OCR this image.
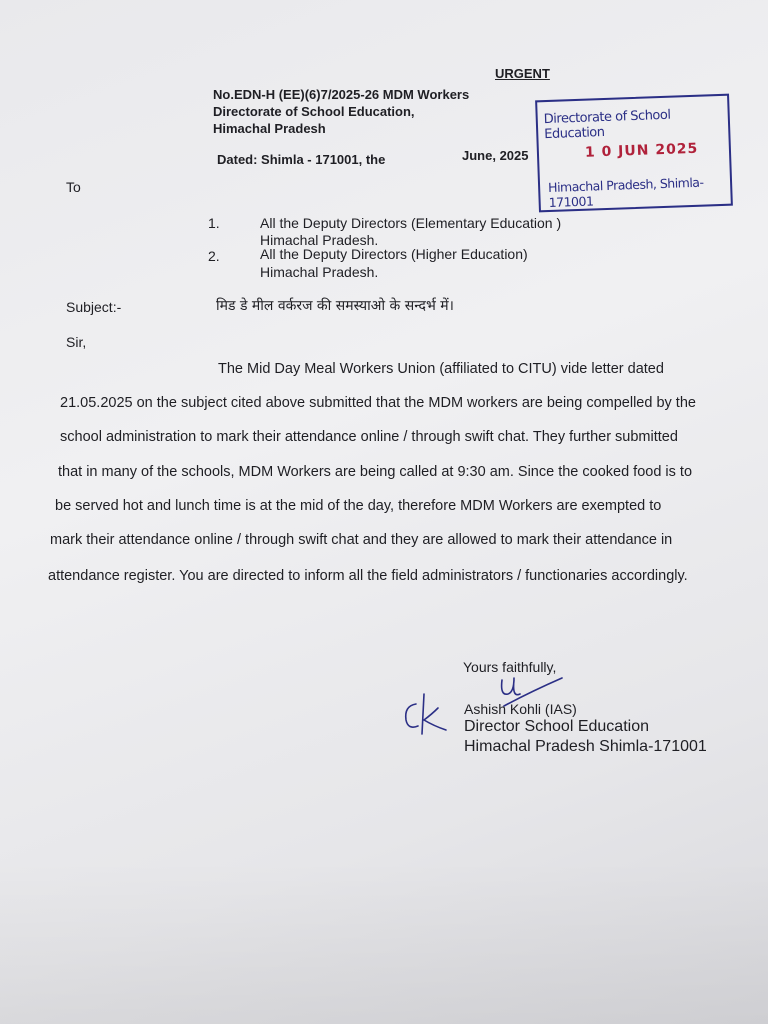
URGENT
No.EDN-H (EE)(6)7/2025-26 MDM Workers
Directorate of School Education,
Himachal Pradesh
Dated: Shimla - 171001, the	June, 2025
Directorate of School Education
1 0 JUN 2025
Himachal Pradesh, Shimla-171001
To
1.	All the Deputy Directors (Elementary Education )
Himachal Pradesh.
2.	All the Deputy Directors (Higher Education)
Himachal Pradesh.
Subject:-	मिड डे मील वर्करज की समस्याओ के सन्दर्भ में।
Sir,
The Mid Day Meal Workers Union (affiliated to CITU) vide letter dated
21.05.2025 on the subject cited above submitted that the MDM workers are being compelled by the
school administration to mark their attendance online / through swift chat. They further submitted
that in many of the schools, MDM Workers are being called at 9:30 am. Since the cooked food is to
be served hot and lunch time is at the mid of the day, therefore MDM Workers are exempted to
mark their attendance online / through swift chat and they are allowed to mark their attendance in
attendance register. You are directed to inform all the field administrators / functionaries accordingly.
Yours faithfully,
Ashish Kohli (IAS)
Director School Education
Himachal Pradesh Shimla-171001
